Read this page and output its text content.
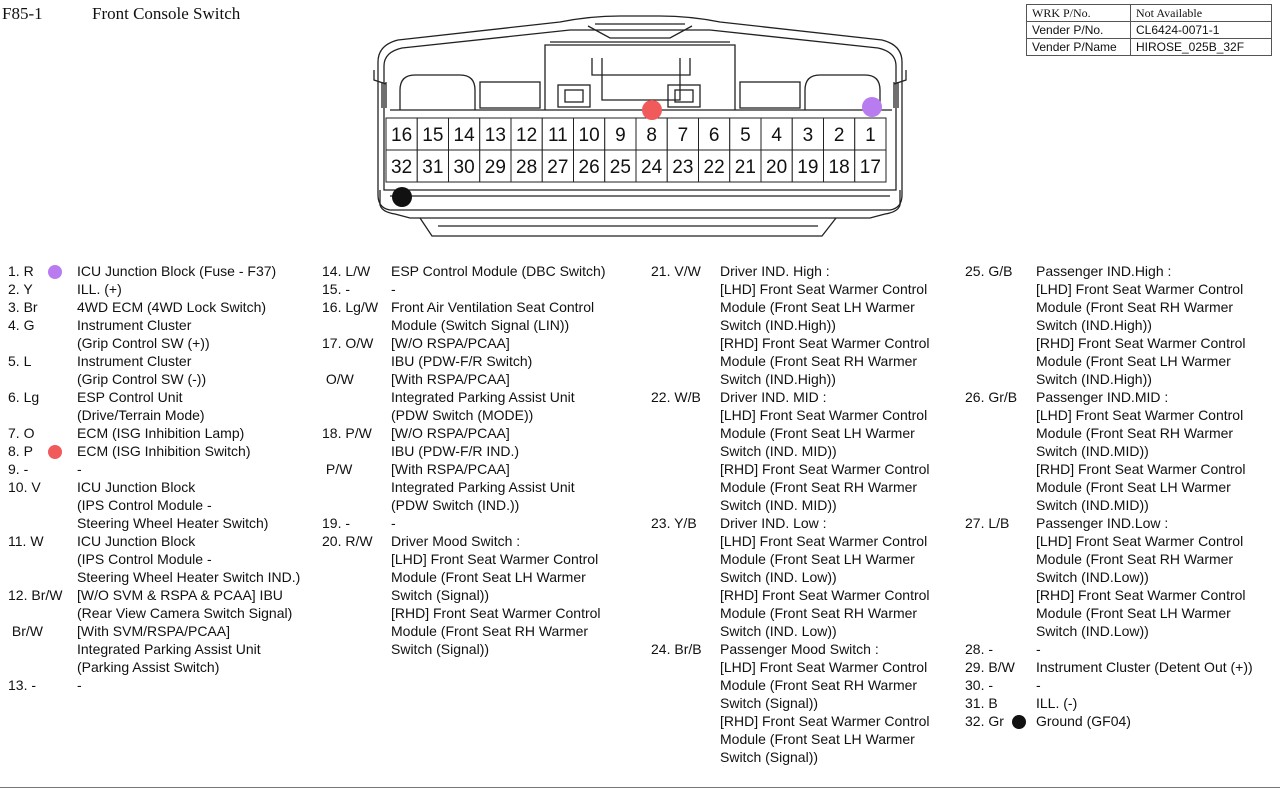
F85-1	Front Console Switch	WRK P/No.	Not Available
Vender P/No.	CL6424-0071-1
Vender P/Name	HIROSE_025B_32F
16 15 14 13 12 11 10 9 8 7 6 5 4 3 2 1
32 31 30 29 28 27 26 25 24 23 22 21 20 19 18 17
1. R	ICU Junction Block (Fuse - F37)
2. Y	ILL. (+)
3. Br	4WD ECM (4WD Lock Switch)
4. G	Instrument Cluster
(Grip Control SW (+))
5. L	Instrument Cluster
(Grip Control SW (-))
6. Lg	ESP Control Unit
(Drive/Terrain Mode)
7. O	ECM (ISG Inhibition Lamp)
8. P	ECM (ISG Inhibition Switch)
9. -	-
10. V	ICU Junction Block
(IPS Control Module -
Steering Wheel Heater Switch)
11. W ICU Junction Block
(IPS Control Module -
Steering Wheel Heater Switch IND.)
12. Br/W [W/O SVM & RSPA & PCAA] IBU
(Rear View Camera Switch Signal)
Br/W [With SVM/RSPA/PCAA]
Integrated Parking Assist Unit
(Parking Assist Switch)
13. -	-
14. L/W ESP Control Module (DBC Switch)
15. -	-
16. Lg/W Front Air Ventilation Seat Control
Module (Switch Signal (LIN))
17. O/W [W/O RSPA/PCAA]
IBU (PDW-F/R Switch)
O/W	[With RSPA/PCAA]
Integrated Parking Assist Unit
(PDW Switch (MODE))
18. P/W [W/O RSPA/PCAA]
IBU (PDW-F/R IND.)
P/W	[With RSPA/PCAA]
Integrated Parking Assist Unit
(PDW Switch (IND.))
19. -	-
20. R/W Driver Mood Switch :
[LHD] Front Seat Warmer Control
Module (Front Seat LH Warmer
Switch (Signal))
[RHD] Front Seat Warmer Control
Module (Front Seat RH Warmer
Switch (Signal))
21. V/W Driver IND. High :
[LHD] Front Seat Warmer Control
Module (Front Seat LH Warmer
Switch (IND.High))
[RHD] Front Seat Warmer Control
Module (Front Seat RH Warmer
Switch (IND.High))
22. W/B Driver IND. MID :
[LHD] Front Seat Warmer Control
Module (Front Seat LH Warmer
Switch (IND. MID))
[RHD] Front Seat Warmer Control
Module (Front Seat RH Warmer
Switch (IND. MID))
23. Y/B Driver IND. Low :
[LHD] Front Seat Warmer Control
Module (Front Seat LH Warmer
Switch (IND. Low))
[RHD] Front Seat Warmer Control
Module (Front Seat RH Warmer
Switch (IND. Low))
24. Br/B Passenger Mood Switch :
[LHD] Front Seat Warmer Control
Module (Front Seat RH Warmer
Switch (Signal))
[RHD] Front Seat Warmer Control
Module (Front Seat LH Warmer
Switch (Signal))
25. G/B Passenger IND.High :
[LHD] Front Seat Warmer Control
Module (Front Seat RH Warmer
Switch (IND.High))
[RHD] Front Seat Warmer Control
Module (Front Seat LH Warmer
Switch (IND.High))
26. Gr/B Passenger IND.MID :
[LHD] Front Seat Warmer Control
Module (Front Seat RH Warmer
Switch (IND.MID))
[RHD] Front Seat Warmer Control
Module (Front Seat LH Warmer
Switch (IND.MID))
27. L/B Passenger IND.Low :
[LHD] Front Seat Warmer Control
Module (Front Seat RH Warmer
Switch (IND.Low))
[RHD] Front Seat Warmer Control
Module (Front Seat LH Warmer
Switch (IND.Low))
28. -	-
29. B/W Instrument Cluster (Detent Out (+))
30. -	-
31. B	ILL. (-)
32. Gr Ground (GF04)
